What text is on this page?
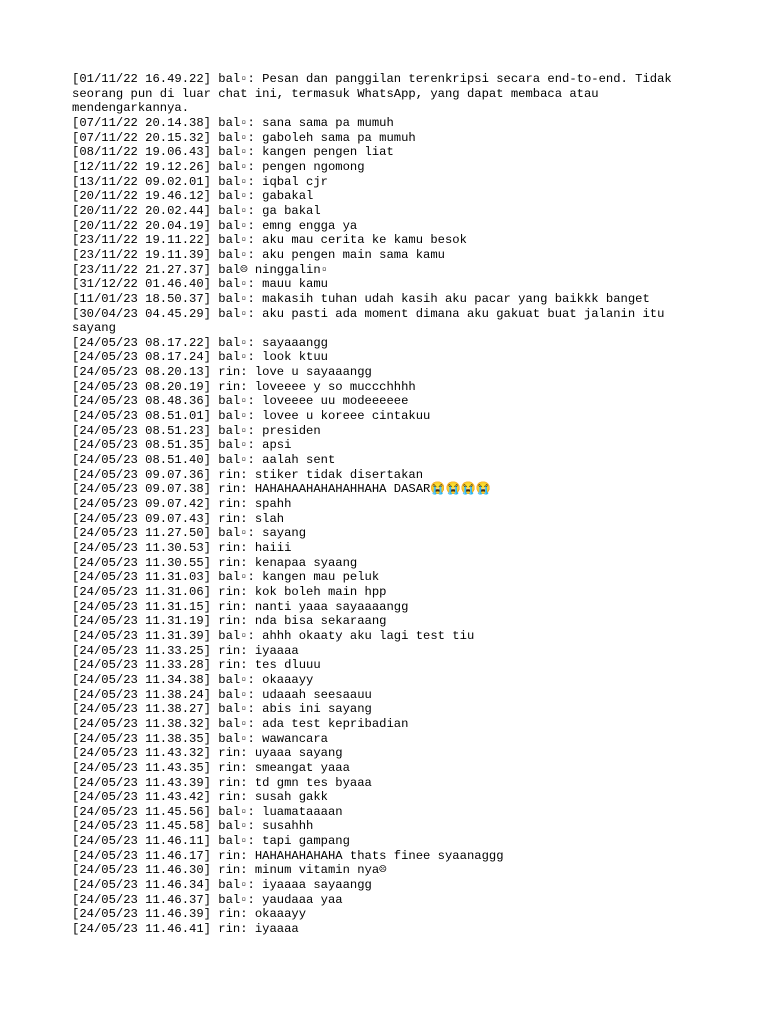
[01/11/22 16.49.22] bal▫: Pesan dan panggilan terenkripsi secara end-to-end. Tidak seorang pun di luar chat ini, termasuk WhatsApp, yang dapat membaca atau mendengarkannya.
[07/11/22 20.14.38] bal▫: sana sama pa mumuh
[07/11/22 20.15.32] bal▫: gaboleh sama pa mumuh
[08/11/22 19.06.43] bal▫: kangen pengen liat
[12/11/22 19.12.26] bal▫: pengen ngomong
[13/11/22 09.02.01] bal▫: iqbal cjr
[20/11/22 19.46.12] bal▫: gabakal
[20/11/22 20.02.44] bal▫: ga bakal
[20/11/22 20.04.19] bal▫: emng engga ya
[23/11/22 19.11.22] bal▫: aku mau cerita ke kamu besok
[23/11/22 19.11.39] bal▫: aku pengen main sama kamu
[23/11/22 21.27.37] bal☹ ninggalin▫
[31/12/22 01.46.40] bal▫: mauu kamu
[11/01/23 18.50.37] bal▫: makasih tuhan udah kasih aku pacar yang baikkk banget
[30/04/23 04.45.29] bal▫: aku pasti ada moment dimana aku gakuat buat jalanin itu sayang
[24/05/23 08.17.22] bal▫: sayaaangg
[24/05/23 08.17.24] bal▫: look ktuu
[24/05/23 08.20.13] rin: love u sayaaangg
[24/05/23 08.20.19] rin: loveeee y so muccchhhh
[24/05/23 08.48.36] bal▫: loveeee uu modeeeeee
[24/05/23 08.51.01] bal▫: lovee u koreee cintakuu
[24/05/23 08.51.23] bal▫: presiden
[24/05/23 08.51.35] bal▫: apsi
[24/05/23 08.51.40] bal▫: aalah sent
[24/05/23 09.07.36] rin: stiker tidak disertakan
[24/05/23 09.07.38] rin: HAHAHAAHAHAHAHHAHA DASAR😭😭😭😭
[24/05/23 09.07.42] rin: spahh
[24/05/23 09.07.43] rin: slah
[24/05/23 11.27.50] bal▫: sayang
[24/05/23 11.30.53] rin: haiii
[24/05/23 11.30.55] rin: kenapaa syaang
[24/05/23 11.31.03] bal▫: kangen mau peluk
[24/05/23 11.31.06] rin: kok boleh main hpp
[24/05/23 11.31.15] rin: nanti yaaa sayaaaangg
[24/05/23 11.31.19] rin: nda bisa sekaraang
[24/05/23 11.31.39] bal▫: ahhh okaaty aku lagi test tiu
[24/05/23 11.33.25] rin: iyaaaa
[24/05/23 11.33.28] rin: tes dluuu
[24/05/23 11.34.38] bal▫: okaaayy
[24/05/23 11.38.24] bal▫: udaaah seesaauu
[24/05/23 11.38.27] bal▫: abis ini sayang
[24/05/23 11.38.32] bal▫: ada test kepribadian
[24/05/23 11.38.35] bal▫: wawancara
[24/05/23 11.43.32] rin: uyaaa sayang
[24/05/23 11.43.35] rin: smeangat yaaa
[24/05/23 11.43.39] rin: td gmn tes byaaa
[24/05/23 11.43.42] rin: susah gakk
[24/05/23 11.45.56] bal▫: luamataaaan
[24/05/23 11.45.58] bal▫: susahhh
[24/05/23 11.46.11] bal▫: tapi gampang
[24/05/23 11.46.17] rin: HAHAHAHAHAHA thats finee syaanaggg
[24/05/23 11.46.30] rin: minum vitamin nya☹
[24/05/23 11.46.34] bal▫: iyaaaa sayaangg
[24/05/23 11.46.37] bal▫: yaudaaa yaa
[24/05/23 11.46.39] rin: okaaayy
[24/05/23 11.46.41] rin: iyaaaa
